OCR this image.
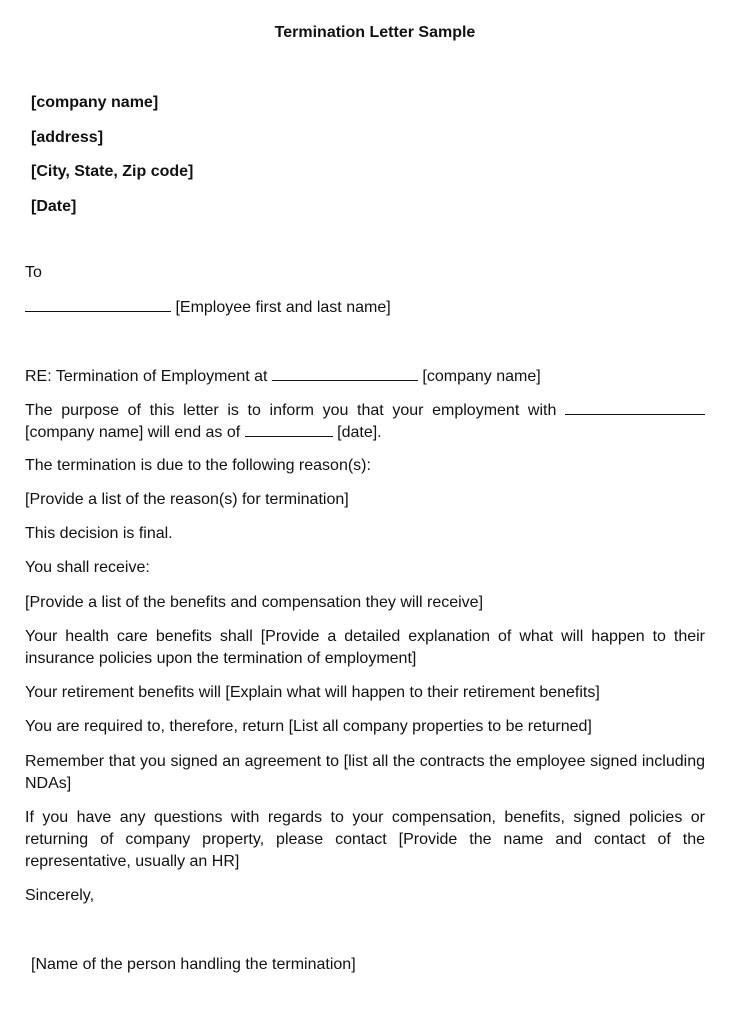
Termination Letter Sample
[company name]
[address]
[City, State, Zip code]
[Date]
To
[Employee first and last name]
RE: Termination of Employment at	[company name]
The purpose of this letter is to inform you that your employment with
[company name] will end as of	[date].
The termination is due to the following reason(s):
[Provide a list of the reason(s) for termination]
This decision is final.
You shall receive:
[Provide a list of the benefits and compensation they will receive]
Your health care benefits shall [Provide a detailed explanation of what will happen to their insurance policies upon the termination of employment]
Your retirement benefits will [Explain what will happen to their retirement benefits]
You are required to, therefore, return [List all company properties to be returned]
Remember that you signed an agreement to [list all the contracts the employee signed including NDAs]
If you have any questions with regards to your compensation, benefits, signed policies or returning of company property, please contact [Provide the name and contact of the representative, usually an HR]
Sincerely,
[Name of the person handling the termination]
